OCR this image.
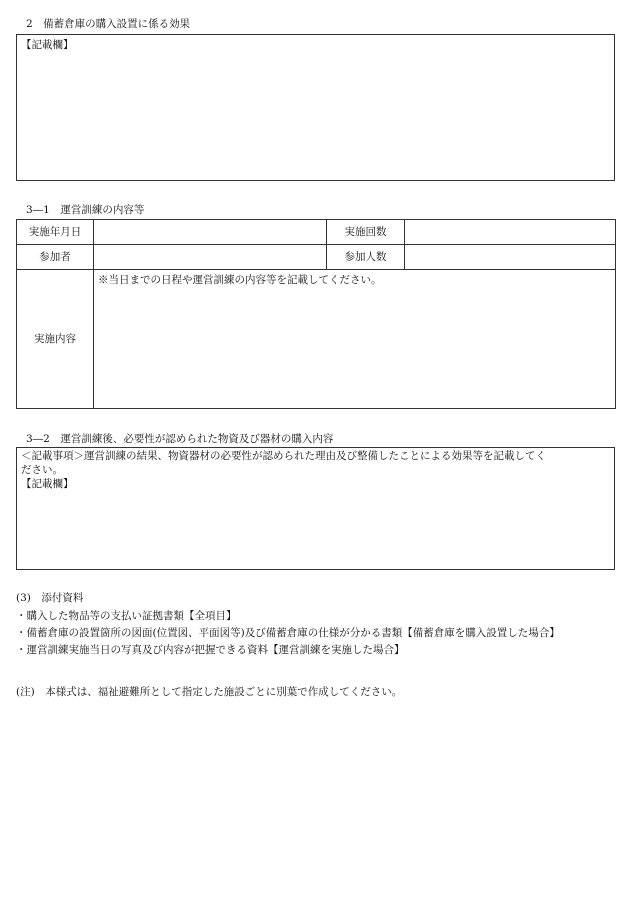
2　備蓄倉庫の購入設置に係る効果
【記載欄】
3―1　運営訓練の内容等
実施年月日		実施回数	
参加者		参加人数	
実施内容	※当日までの日程や運営訓練の内容等を記載してください。		
3―2　運営訓練後、必要性が認められた物資及び器材の購入内容
＜記載事項＞運営訓練の結果、物資器材の必要性が認められた理由及び整備したことによる効果等を記載してく
ださい。
【記載欄】
(3)　添付資料
・購入した物品等の支払い証拠書類【全項目】
・備蓄倉庫の設置箇所の図面(位置図、平面図等)及び備蓄倉庫の仕様が分かる書類【備蓄倉庫を購入設置した場合】
・運営訓練実施当日の写真及び内容が把握できる資料【運営訓練を実施した場合】
(注)　本様式は、福祉避難所として指定した施設ごとに別葉で作成してください。
